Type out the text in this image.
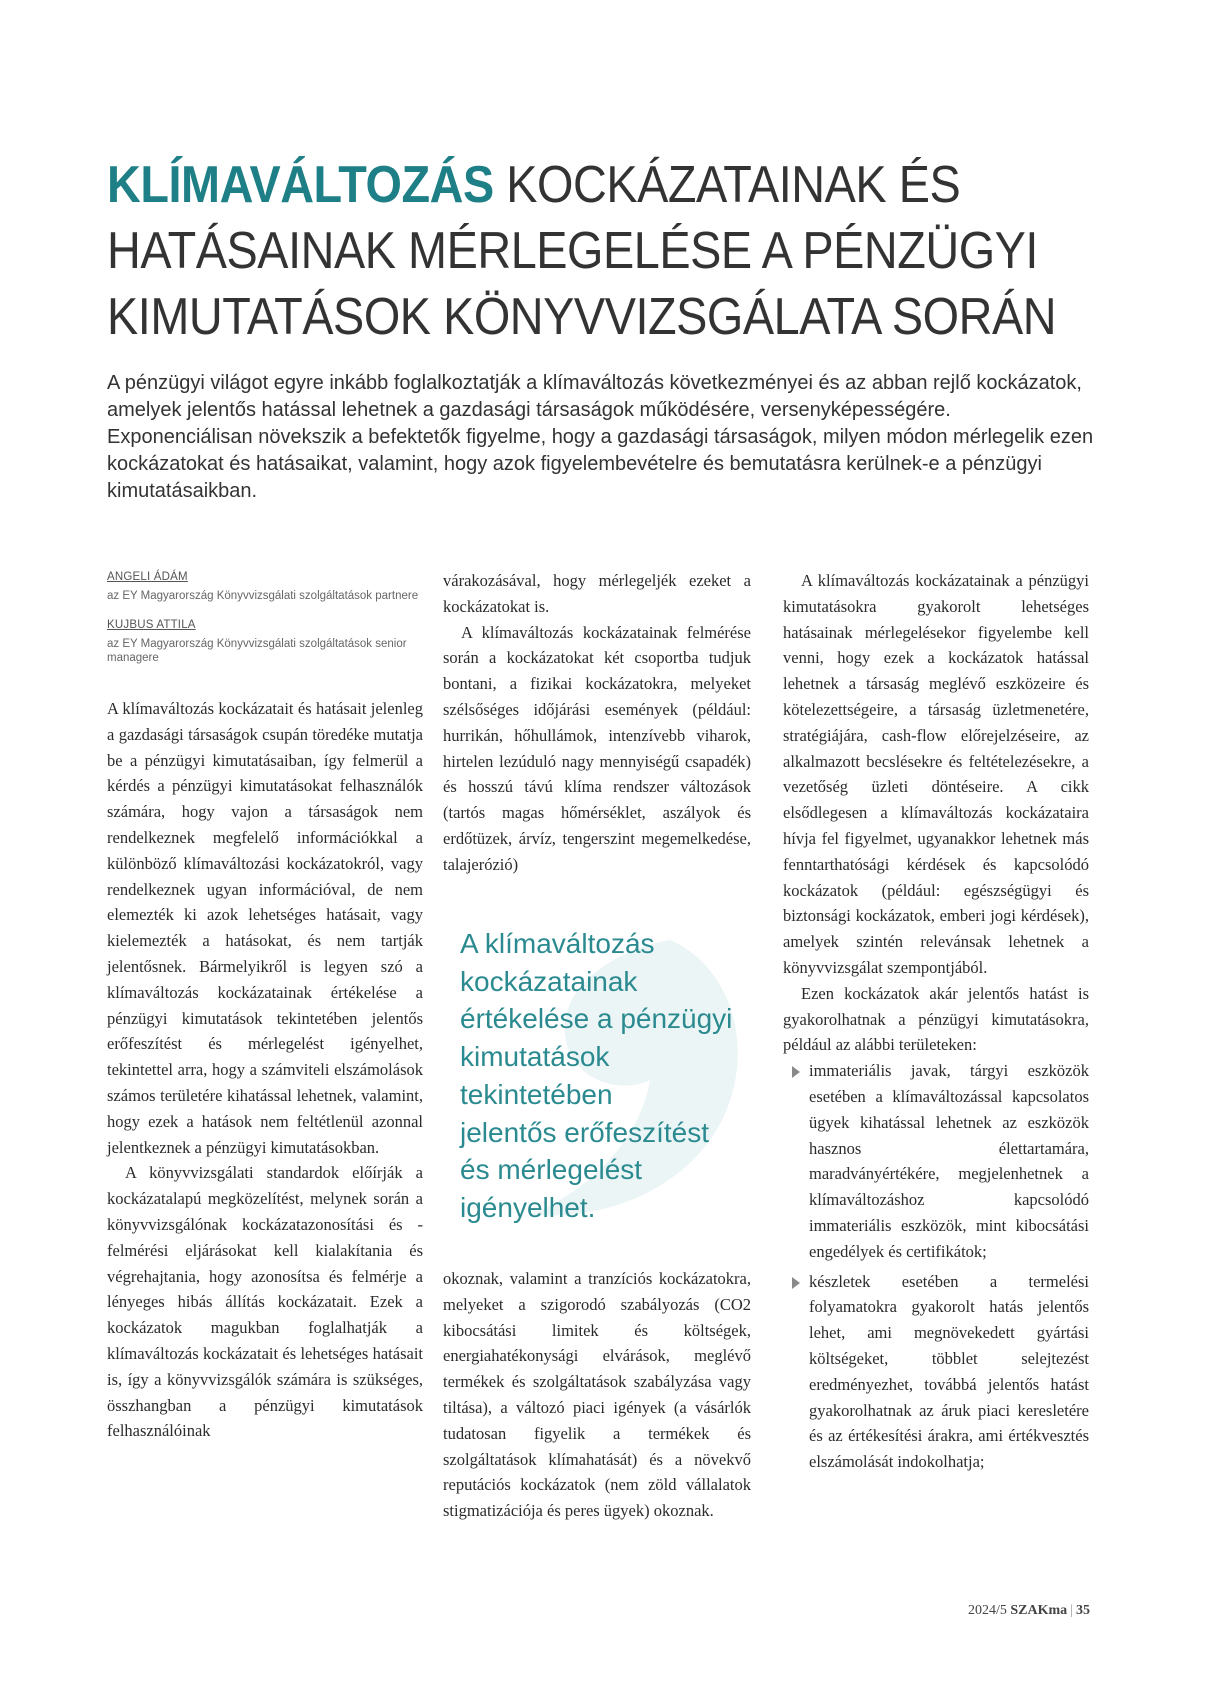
KLÍMAVÁLTOZÁS KOCKÁZATAINAK ÉS
HATÁSAINAK MÉRLEGELÉSE A PÉNZÜGYI
KIMUTATÁSOK KÖNYVVIZSGÁLATA SORÁN
A pénzügyi világot egyre inkább foglalkoztatják a klímaváltozás következményei és az abban rejlő kockázatok, amelyek jelentős hatással lehetnek a gazdasági társaságok működésére, versenyképességére. Exponenciálisan növekszik a befektetők figyelme, hogy a gazdasági társaságok, milyen módon mérlegelik ezen kockázatokat és hatásaikat, valamint, hogy azok figyelembevételre és bemutatásra kerülnek-e a pénzügyi kimutatásaikban.
ANGELI ÁDÁM
az EY Magyarország Könyvvizsgálati szolgáltatások partnere
KUJBUS ATTILA
az EY Magyarország Könyvvizsgálati szolgáltatások senior managere

A klímaváltozás kockázatait és hatásait jelenleg a gazdasági társaságok csupán töredéke mutatja be a pénzügyi kimutatásaiban, így felmerül a kérdés a pénzügyi kimutatásokat felhasználók számára, hogy vajon a társaságok nem rendelkeznek megfelelő információkkal a különböző klímaváltozási kockázatokról, vagy rendelkeznek ugyan információval, de nem elemezték ki azok lehetséges hatásait, vagy kielemezték a hatásokat, és nem tartják jelentősnek. Bármelyikről is legyen szó a klímaváltozás kockázatainak értékelése a pénzügyi kimutatások tekintetében jelentős erőfeszítést és mérlegelést igényelhet, tekintettel arra, hogy a számviteli elszámolások számos területére kihatással lehetnek, valamint, hogy ezek a hatások nem feltétlenül azonnal jelentkeznek a pénzügyi kimutatásokban.

A könyvvizsgálati standardok előírják a kockázatalapú megközelítést, melynek során a könyvvizsgálónak kockázatazonosítási és -felmérési eljárásokat kell kialakítania és végrehajtania, hogy azonosítsa és felmérje a lényeges hibás állítás kockázatait. Ezek a kockázatok magukban foglalhatják a klímaváltozás kockázatait és lehetséges hatásait is, így a könyvvizsgálók számára is szükséges, összhangban a pénzügyi kimutatások felhasználóinak

várakozásával, hogy mérlegeljék ezeket a kockázatokat is.

A klímaváltozás kockázatainak felmérése során a kockázatokat két csoportba tudjuk bontani, a fizikai kockázatokra, melyeket szélsőséges időjárási események (például: hurrikán, hőhullámok, intenzívebb viharok, hirtelen lezúduló nagy mennyiségű csapadék) és hosszú távú klíma rendszer változások (tartós magas hőmérséklet, aszályok és erdőtüzek, árvíz, tengerszint megemelkedése, talajerózió)

A klímaváltozás
kockázatainak
értékelése a pénzügyi
kimutatások
tekintetében
jelentős erőfeszítést
és mérlegelést
igényelhet.

okoznak, valamint a tranzíciós kockázatokra, melyeket a szigorodó szabályozás (CO2 kibocsátási limitek és költségek, energiahatékonysági elvárások, meglévő termékek és szolgáltatások szabályzása vagy tiltása), a változó piaci igények (a vásárlók tudatosan figyelik a termékek és szolgáltatások klímahatását) és a növekvő reputációs kockázatok (nem zöld vállalatok stigmatizációja és peres ügyek) okoznak.

A klímaváltozás kockázatainak a pénzügyi kimutatásokra gyakorolt lehetséges hatásainak mérlegelésekor figyelembe kell venni, hogy ezek a kockázatok hatással lehetnek a társaság meglévő eszközeire és kötelezettségeire, a társaság üzletmenetére, stratégiájára, cash-flow előrejelzéseire, az alkalmazott becslésekre és feltételezésekre, a vezetőség üzleti döntéseire. A cikk elsődlegesen a klímaváltozás kockázataira hívja fel figyelmet, ugyanakkor lehetnek más fenntarthatósági kérdések és kapcsolódó kockázatok (például: egészségügyi és biztonsági kockázatok, emberi jogi kérdések), amelyek szintén relevánsak lehetnek a könyvvizsgálat szempontjából.

Ezen kockázatok akár jelentős hatást is gyakorolhatnak a pénzügyi kimutatásokra, például az alábbi területeken:

immateriális javak, tárgyi eszközök esetében a klímaváltozással kapcsolatos ügyek kihatással lehetnek az eszközök hasznos élettartamára, maradványértékére, megjelenhetnek a klímaváltozáshoz kapcsolódó immateriális eszközök, mint kibocsátási engedélyek és certifikátok;
készletek esetében a termelési folyamatokra gyakorolt hatás jelentős lehet, ami megnövekedett gyártási költségeket, többlet selejtezést eredményezhet, továbbá jelentős hatást gyakorolhatnak az áruk piaci keresletére és az értékesítési árakra, ami értékvesztés elszámolását indokolhatja;
2024/5 SZAKma | 35
